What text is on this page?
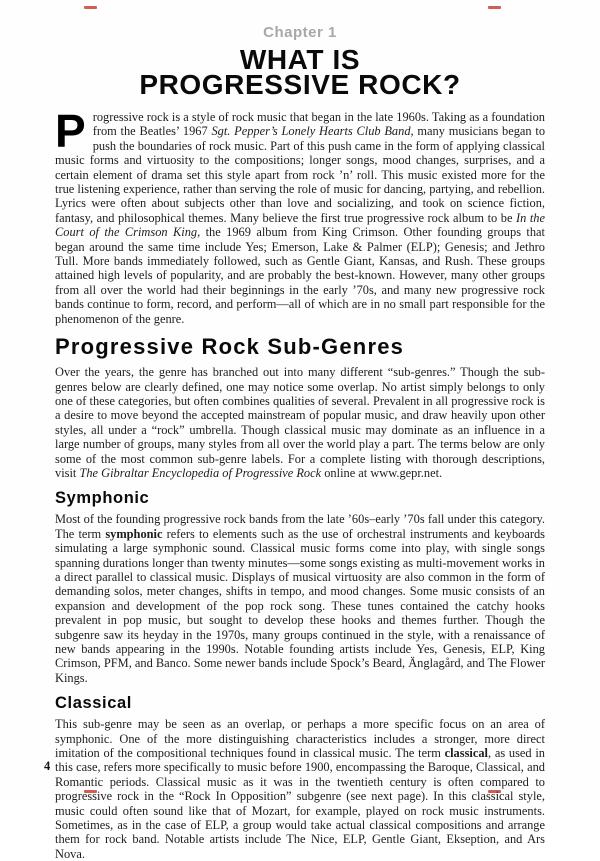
Chapter 1

WHAT IS
PROGRESSIVE ROCK?

Progressive rock is a style of rock music that began in the late 1960s. Taking as a foundation from the Beatles’ 1967 Sgt. Pepper’s Lonely Hearts Club Band, many musicians began to push the boundaries of rock music. Part of this push came in the form of applying classical music forms and virtuosity to the compositions; longer songs, mood changes, surprises, and a certain element of drama set this style apart from rock ’n’ roll. This music existed more for the true listening experience, rather than serving the role of music for dancing, partying, and rebellion. Lyrics were often about subjects other than love and socializing, and took on science fiction, fantasy, and philosophical themes. Many believe the first true progressive rock album to be In the Court of the Crimson King, the 1969 album from King Crimson. Other founding groups that began around the same time include Yes; Emerson, Lake & Palmer (ELP); Genesis; and Jethro Tull. More bands immediately followed, such as Gentle Giant, Kansas, and Rush. These groups attained high levels of popularity, and are probably the best-known. However, many other groups from all over the world had their beginnings in the early ’70s, and many new progressive rock bands continue to form, record, and perform—all of which are in no small part responsible for the phenomenon of the genre.

Progressive Rock Sub-Genres

Over the years, the genre has branched out into many different “sub-genres.” Though the sub-genres below are clearly defined, one may notice some overlap. No artist simply belongs to only one of these categories, but often combines qualities of several. Prevalent in all progressive rock is a desire to move beyond the accepted mainstream of popular music, and draw heavily upon other styles, all under a “rock” umbrella. Though classical music may dominate as an influence in a large number of groups, many styles from all over the world play a part. The terms below are only some of the most common sub-genre labels. For a complete listing with thorough descriptions, visit The Gibraltar Encyclopedia of Progressive Rock online at www.gepr.net.

Symphonic

Most of the founding progressive rock bands from the late ’60s–early ’70s fall under this category. The term symphonic refers to elements such as the use of orchestral instruments and keyboards simulating a large symphonic sound. Classical music forms come into play, with single songs spanning durations longer than twenty minutes—some songs existing as multi-movement works in a direct parallel to classical music. Displays of musical virtuosity are also common in the form of demanding solos, meter changes, shifts in tempo, and mood changes. Some music consists of an expansion and development of the pop rock song. These tunes contained the catchy hooks prevalent in pop music, but sought to develop these hooks and themes further. Though the subgenre saw its heyday in the 1970s, many groups continued in the style, with a renaissance of new bands appearing in the 1990s. Notable founding artists include Yes, Genesis, ELP, King Crimson, PFM, and Banco. Some newer bands include Spock’s Beard, Änglagård, and The Flower Kings.

Classical

This sub-genre may be seen as an overlap, or perhaps a more specific focus on an area of symphonic. One of the more distinguishing characteristics includes a stronger, more direct imitation of the compositional techniques found in classical music. The term classical, as used in this case, refers more specifically to music before 1900, encompassing the Baroque, Classical, and Romantic periods. Classical music as it was in the twentieth century is often compared to progressive rock in the “Rock In Opposition” subgenre (see next page). In this classical style, music could often sound like that of Mozart, for example, played on rock music instruments. Sometimes, as in the case of ELP, a group would take actual classical compositions and arrange them for rock band. Notable artists include The Nice, ELP, Gentle Giant, Ekseption, and Ars Nova.

4
